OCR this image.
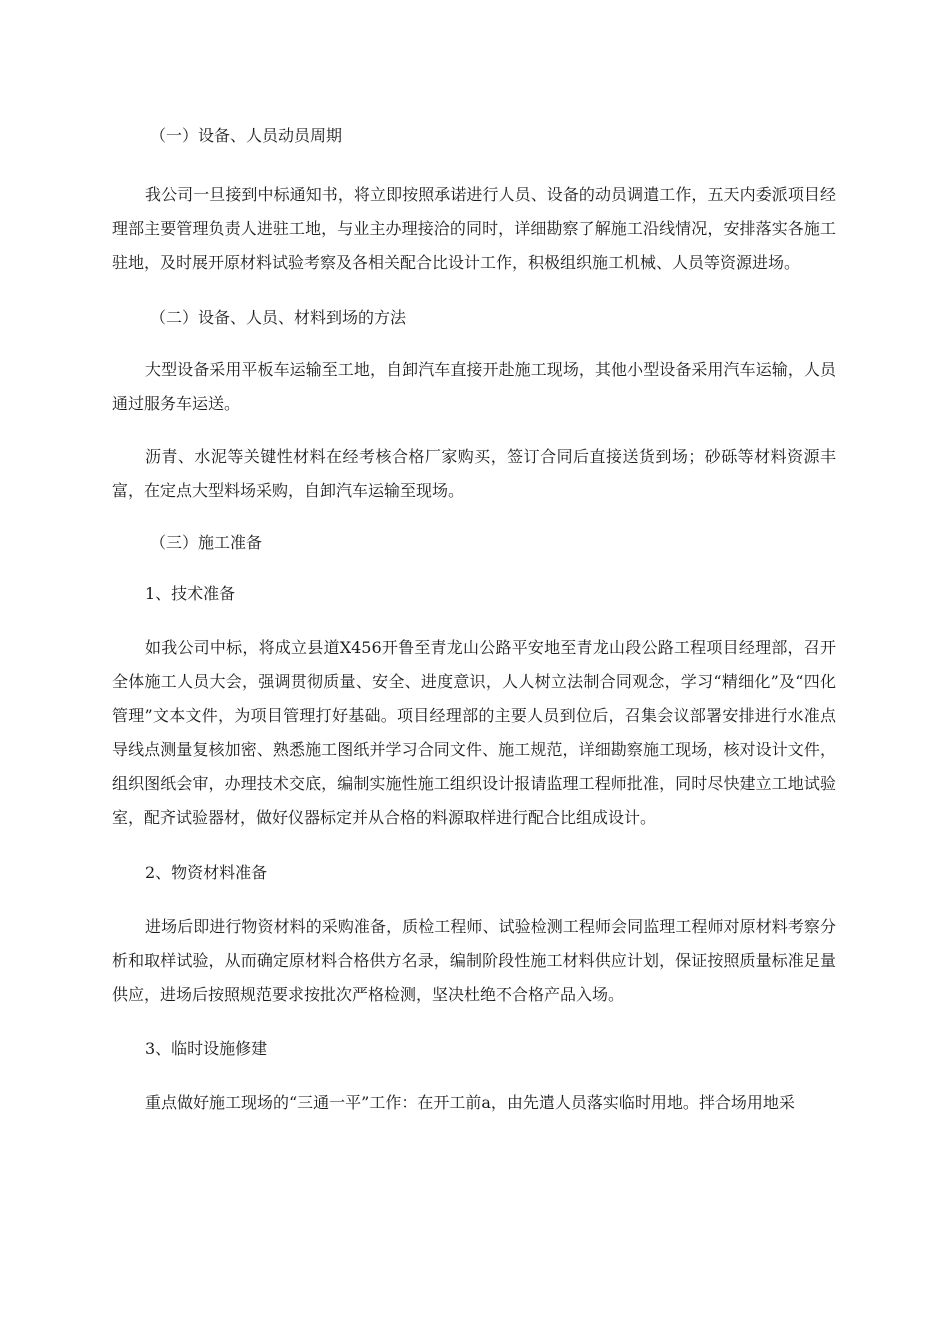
（一）设备、人员动员周期

我公司一旦接到中标通知书，将立即按照承诺进行人员、设备的动员调遣工作，五天内委派项目经理部主要管理负责人进驻工地，与业主办理接洽的同时，详细勘察了解施工沿线情况，安排落实各施工驻地，及时展开原材料试验考察及各相关配合比设计工作，积极组织施工机械、人员等资源进场。

（二）设备、人员、材料到场的方法

大型设备采用平板车运输至工地，自卸汽车直接开赴施工现场，其他小型设备采用汽车运输，人员通过服务车运送。

沥青、水泥等关键性材料在经考核合格厂家购买，签订合同后直接送货到场；砂砾等材料资源丰富，在定点大型料场采购，自卸汽车运输至现场。

（三）施工准备

1、技术准备

如我公司中标，将成立县道X456开鲁至青龙山公路平安地至青龙山段公路工程项目经理部，召开全体施工人员大会，强调贯彻质量、安全、进度意识，人人树立法制合同观念，学习“精细化”及“四化管理”文本文件，为项目管理打好基础。项目经理部的主要人员到位后，召集会议部署安排进行水准点导线点测量复核加密、熟悉施工图纸并学习合同文件、施工规范，详细勘察施工现场，核对设计文件，组织图纸会审，办理技术交底，编制实施性施工组织设计报请监理工程师批准，同时尽快建立工地试验室，配齐试验器材，做好仪器标定并从合格的料源取样进行配合比组成设计。

2、物资材料准备

进场后即进行物资材料的采购准备，质检工程师、试验检测工程师会同监理工程师对原材料考察分析和取样试验，从而确定原材料合格供方名录，编制阶段性施工材料供应计划，保证按照质量标准足量供应，进场后按照规范要求按批次严格检测，坚决杜绝不合格产品入场。

3、临时设施修建

重点做好施工现场的“三通一平”工作：在开工前a，由先遣人员落实临时用地。拌合场用地采
